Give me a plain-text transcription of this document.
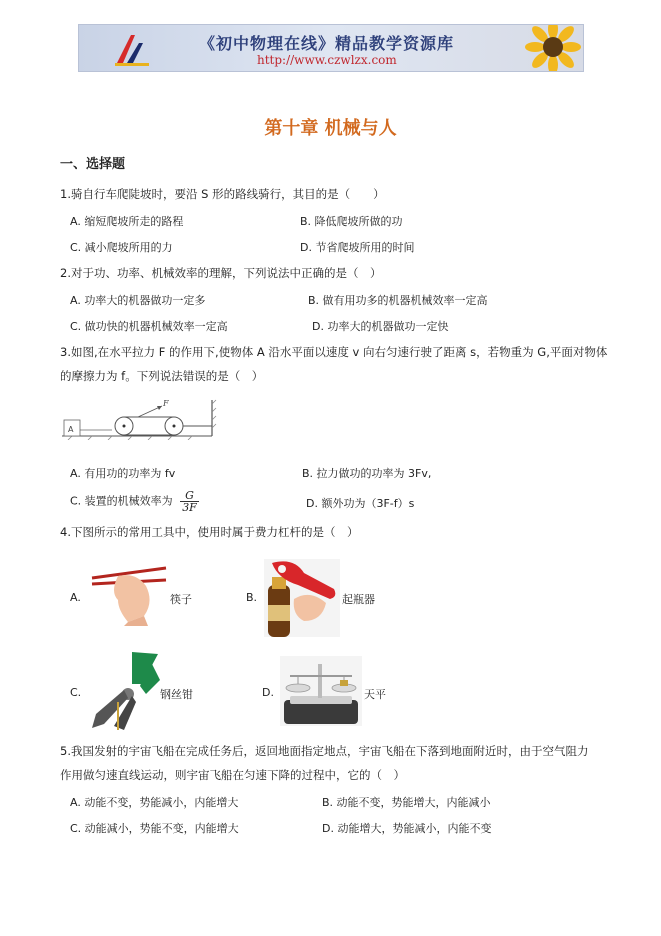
《初中物理在线》精品教学资源库
http://www.czwlzx.com
第十章 机械与人
一、选择题
1.骑自行车爬陡坡时，要沿 S 形的路线骑行，其目的是（　　）
A. 缩短爬坡所走的路程	B. 降低爬坡所做的功
C. 减小爬坡所用的力	D. 节省爬坡所用的时间
2.对于功、功率、机械效率的理解，下列说法中正确的是（　）
A. 功率大的机器做功一定多	B. 做有用功多的机器机械效率一定高
C. 做功快的机器机械效率一定高	D. 功率大的机器做功一定快
3.如图,在水平拉力 F 的作用下,使物体 A 沿水平面以速度 v 向右匀速行驶了距离 s，若物重为 G,平面对物体
的摩擦力为 f。下列说法错误的是（　）
A
F
A. 有用功的功率为 fv	B. 拉力做功的功率为 3Fv,
C. 装置的机械效率为 $\frac{G}{3F}$	D. 额外功为（3F-f）s
4.下图所示的常用工具中，使用时属于费力杠杆的是（　）
A.	筷子	B.	起瓶器
C.	钢丝钳	D.	天平
5.我国发射的宇宙飞船在完成任务后，返回地面指定地点，宇宙飞船在下落到地面附近时，由于空气阻力
作用做匀速直线运动，则宇宙飞船在匀速下降的过程中，它的（　）
A. 动能不变，势能减小，内能增大	B. 动能不变，势能增大，内能减小
C. 动能减小，势能不变，内能增大	D. 动能增大，势能减小，内能不变
